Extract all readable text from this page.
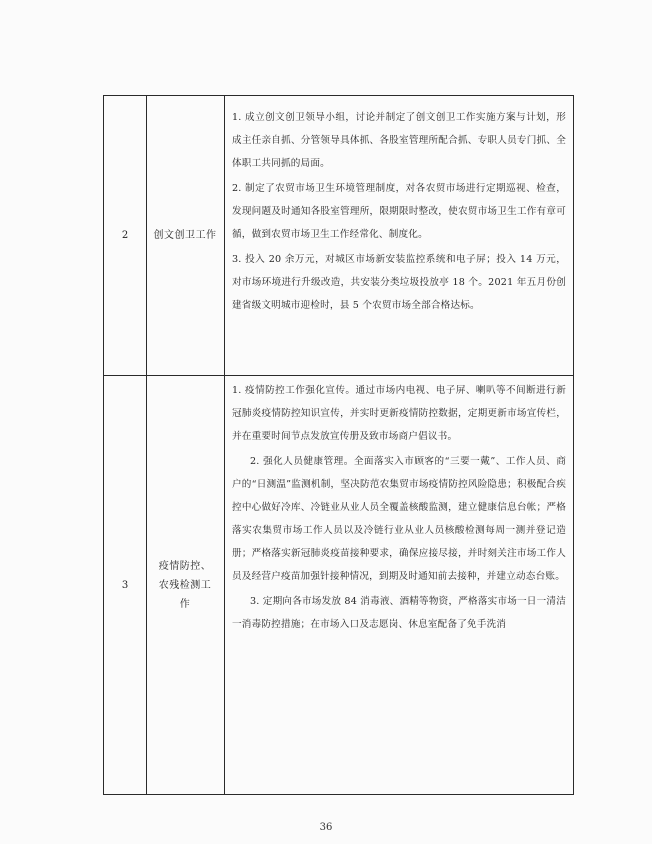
2	创文创卫工作

1. 成立创文创卫领导小组，讨论并制定了创文创卫工作实施方案与计划，形成主任亲自抓、分管领导具体抓、各股室管理所配合抓、专职人员专门抓、全体职工共同抓的局面。

2. 制定了农贸市场卫生环境管理制度，对各农贸市场进行定期巡视、检查，发现问题及时通知各股室管理所，限期限时整改，使农贸市场卫生工作有章可循，做到农贸市场卫生工作经常化、制度化。

3. 投入 20 余万元，对城区市场新安装监控系统和电子屏；投入 14 万元，对市场环境进行升级改造，共安装分类垃圾投放亭 18 个。2021 年五月份创建省级文明城市迎检时，县 5 个农贸市场全部合格达标。

3
疫情防控、农残检测工作

1. 疫情防控工作强化宣传。通过市场内电视、电子屏、喇叭等不间断进行新冠肺炎疫情防控知识宣传，并实时更新疫情防控数据，定期更新市场宣传栏，并在重要时间节点发放宣传册及致市场商户倡议书。

2. 强化人员健康管理。全面落实入市顾客的“三要一戴”、工作人员、商户的“日测温”监测机制，坚决防范农集贸市场疫情防控风险隐患；积极配合疾控中心做好冷库、冷链业从业人员全覆盖核酸监测，建立健康信息台帐；严格落实农集贸市场工作人员以及冷链行业从业人员核酸检测每周一测并登记造册；严格落实新冠肺炎疫苗接种要求，确保应接尽接，并时刻关注市场工作人员及经营户疫苗加强针接种情况，到期及时通知前去接种，并建立动态台账。

3. 定期向各市场发放 84 消毒液、酒精等物资，严格落实市场一日一清洁一消毒防控措施；在市场入口及志愿岗、休息室配备了免手洗消

36
